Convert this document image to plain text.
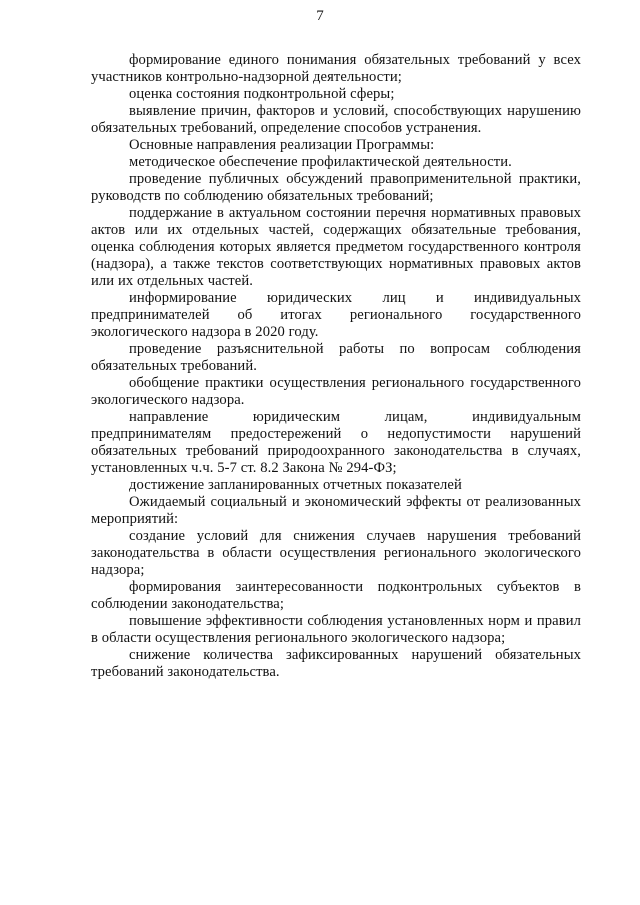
7

формирование единого понимания обязательных требований у всех участников контрольно-надзорной деятельности;

оценка состояния подконтрольной сферы;

выявление причин, факторов и условий, способствующих нарушению обязательных требований, определение способов устранения.

Основные направления реализации Программы:

методическое обеспечение профилактической деятельности.

проведение публичных обсуждений правоприменительной практики, руководств по соблюдению обязательных требований;

поддержание в актуальном состоянии перечня нормативных правовых актов или их отдельных частей, содержащих обязательные требования, оценка соблюдения которых является предметом государственного контроля (надзора), а также текстов соответствующих нормативных правовых актов или их отдельных частей.

информирование юридических лиц и индивидуальных предпринимателей об итогах регионального государственного экологического надзора в 2020 году.

проведение разъяснительной работы по вопросам соблюдения обязательных требований.

обобщение практики осуществления регионального государственного экологического надзора.

направление юридическим лицам, индивидуальным предпринимателям предостережений о недопустимости нарушений обязательных требований природоохранного законодательства в случаях, установленных ч.ч. 5-7 ст. 8.2 Закона № 294-ФЗ;

достижение запланированных отчетных показателей

Ожидаемый социальный и экономический эффекты от реализованных мероприятий:

создание условий для снижения случаев нарушения требований законодательства в области осуществления регионального экологического надзора;

формирования заинтересованности подконтрольных субъектов в соблюдении законодательства;

повышение эффективности соблюдения установленных норм и правил в области осуществления регионального экологического надзора;

снижение количества зафиксированных нарушений обязательных требований законодательства.
